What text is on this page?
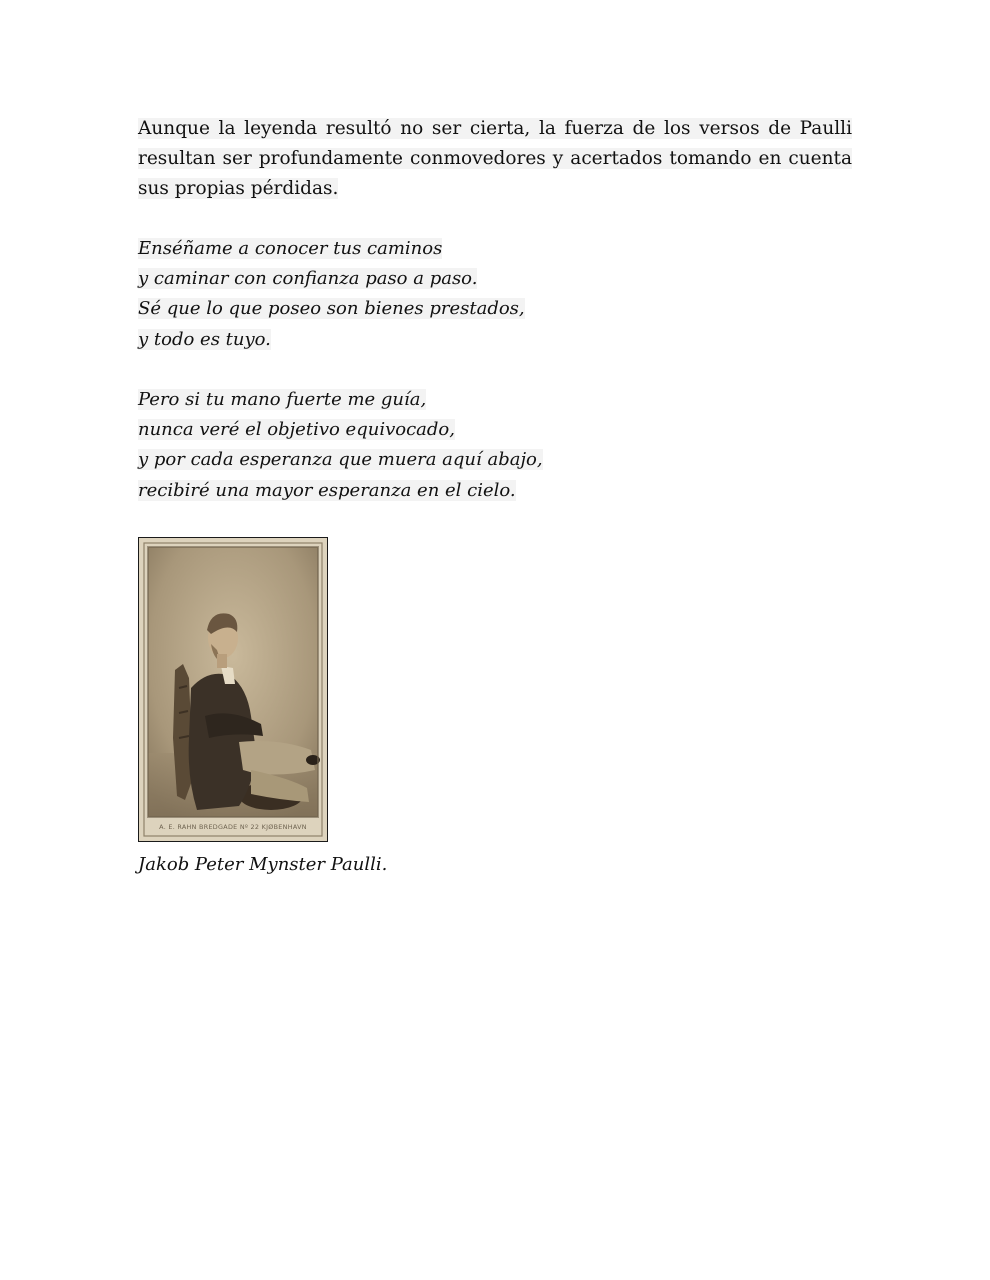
Aunque la leyenda resultó no ser cierta, la fuerza de los versos de Paulli resultan ser profundamente conmovedores y acertados tomando en cuenta sus propias pérdidas.

Enséñame a conocer tus caminos
y caminar con confianza paso a paso.
Sé que lo que poseo son bienes prestados,
y todo es tuyo.
Pero si tu mano fuerte me guía,
nunca veré el objetivo equivocado,
y por cada esperanza que muera aquí abajo,
recibiré una mayor esperanza en el cielo.
A. E. RAHN BREDGADE Nº 22 KJØBENHAVN

Jakob Peter Mynster Paulli.
